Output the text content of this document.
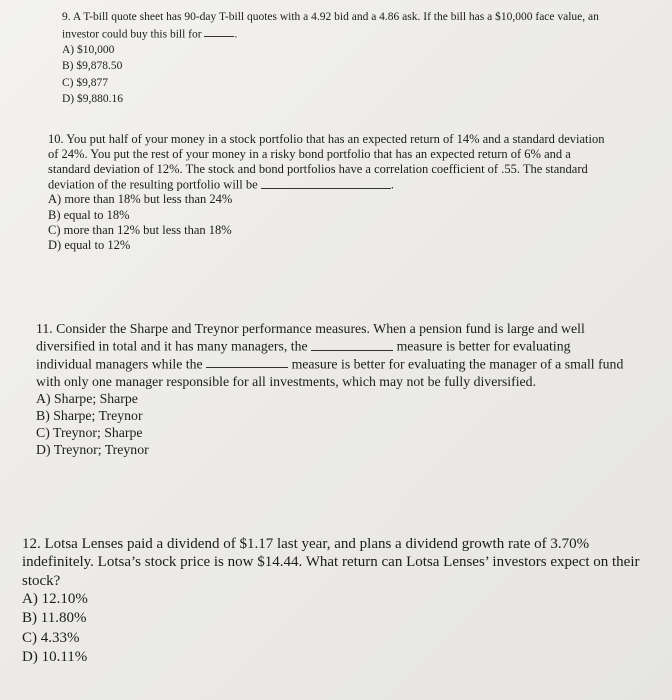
9. A T-bill quote sheet has 90-day T-bill quotes with a 4.92 bid and a 4.86 ask. If the bill has a $10,000 face value, an investor could buy this bill for	.

A) $10,000

B) $9,878.50

C) $9,877

D) $9,880.16

10. You put half of your money in a stock portfolio that has an expected return of 14% and a standard deviation of 24%. You put the rest of your money in a risky bond portfolio that has an expected return of 6% and a standard deviation of 12%. The stock and bond portfolios have a correlation coefficient of .55. The standard deviation of the resulting portfolio will be	.

A) more than 18% but less than 24%

B) equal to 18%

C) more than 12% but less than 18%

D) equal to 12%

11. Consider the Sharpe and Treynor performance measures. When a pension fund is large and well diversified in total and it has many managers, the	measure is better for evaluating individual managers while the	measure is better for evaluating the manager of a small fund with only one manager responsible for all investments, which may not be fully diversified.

A) Sharpe; Sharpe

B) Sharpe; Treynor

C) Treynor; Sharpe

D) Treynor; Treynor

12. Lotsa Lenses paid a dividend of $1.17 last year, and plans a dividend growth rate of 3.70% indefinitely. Lotsa’s stock price is now $14.44. What return can Lotsa Lenses’ investors expect on their stock?

A) 12.10%

B) 11.80%

C) 4.33%

D) 10.11%
